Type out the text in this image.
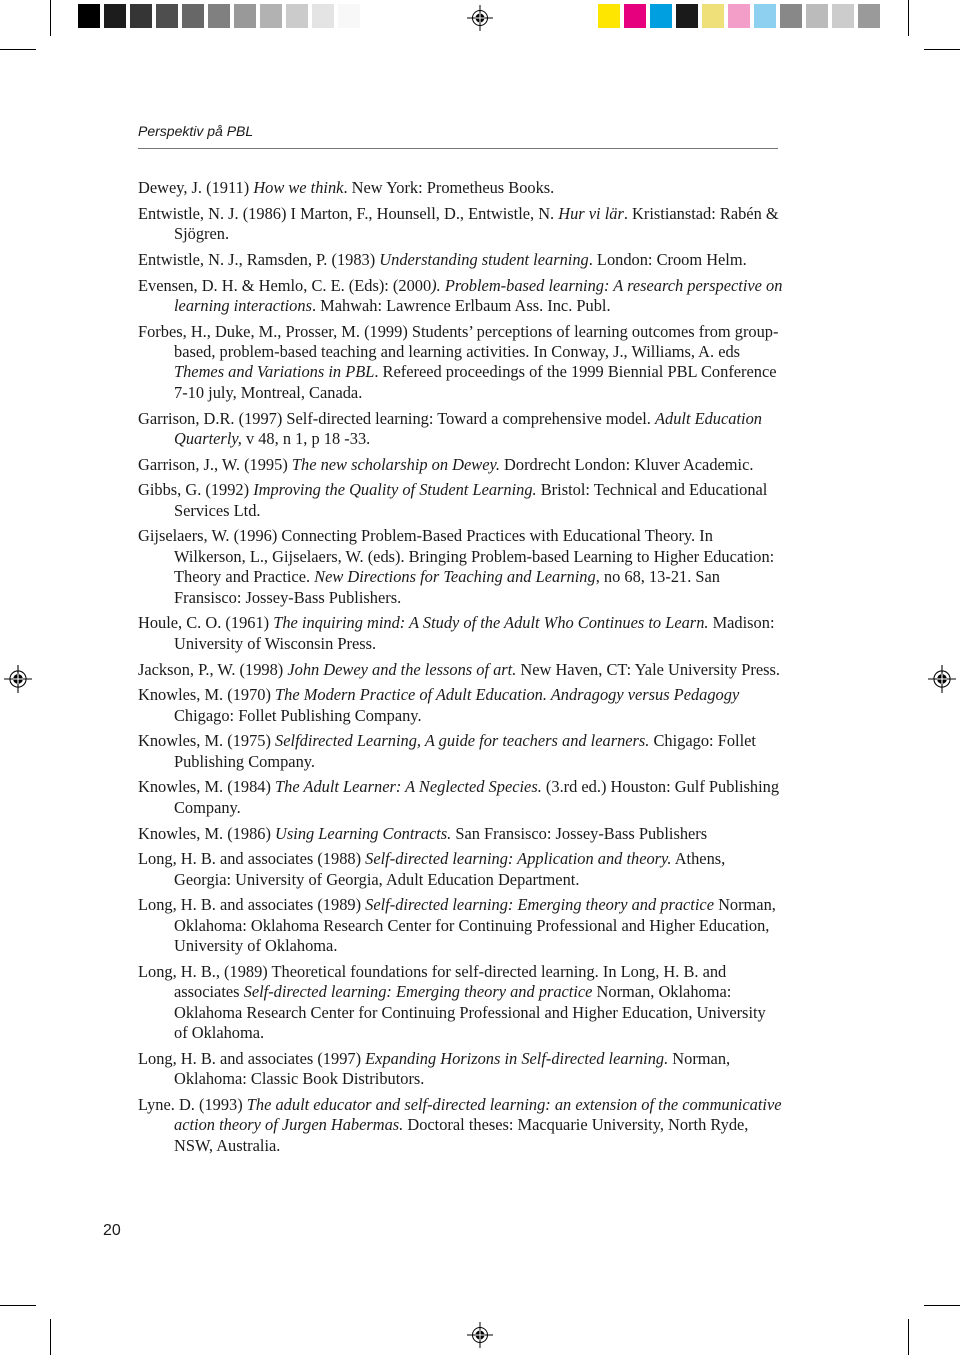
Perspektiv på PBL
Dewey, J. (1911) How we think. New York: Prometheus Books.
Entwistle, N. J. (1986) I Marton, F., Hounsell, D., Entwistle, N. Hur vi lär. Kristianstad: Rabén & Sjögren.
Entwistle, N. J., Ramsden, P. (1983) Understanding student learning. London: Croom Helm.
Evensen, D. H. & Hemlo, C. E. (Eds): (2000). Problem-based learning: A research perspective on learning interactions. Mahwah: Lawrence Erlbaum Ass. Inc. Publ.
Forbes, H., Duke, M., Prosser, M. (1999) Students’ perceptions of learning outcomes from group-based, problem-based teaching and learning activities. In Conway, J., Williams, A. eds Themes and Variations in PBL. Refereed proceedings of the 1999 Biennial PBL Conference 7-10 july, Montreal, Canada.
Garrison, D.R. (1997) Self-directed learning: Toward a comprehensive model. Adult Education Quarterly, v 48, n 1, p 18 -33.
Garrison, J., W. (1995) The new scholarship on Dewey. Dordrecht London: Kluver Academic.
Gibbs, G. (1992) Improving the Quality of Student Learning. Bristol: Technical and Educational Services Ltd.
Gijselaers, W. (1996) Connecting Problem-Based Practices with Educational Theory. In Wilkerson, L., Gijselaers, W. (eds). Bringing Problem-based Learning to Higher Education: Theory and Practice. New Directions for Teaching and Learning, no 68, 13-21. San Fransisco: Jossey-Bass Publishers.
Houle, C. O. (1961) The inquiring mind: A Study of the Adult Who Continues to Learn. Madison: University of Wisconsin Press.
Jackson, P., W. (1998) John Dewey and the lessons of art. New Haven, CT: Yale University Press.
Knowles, M. (1970) The Modern Practice of Adult Education. Andragogy versus Pedagogy Chigago: Follet Publishing Company.
Knowles, M. (1975) Selfdirected Learning, A guide for teachers and learners. Chigago: Follet Publishing Company.
Knowles, M. (1984) The Adult Learner: A Neglected Species. (3.rd ed.) Houston: Gulf Publishing Company.
Knowles, M. (1986) Using Learning Contracts. San Fransisco: Jossey-Bass Publishers
Long, H. B. and associates (1988) Self-directed learning: Application and theory. Athens, Georgia: University of Georgia, Adult Education Department.
Long, H. B. and associates (1989) Self-directed learning: Emerging theory and practice Norman, Oklahoma: Oklahoma Research Center for Continuing Professional and Higher Education, University of Oklahoma.
Long, H. B., (1989) Theoretical foundations for self-directed learning. In Long, H. B. and associates Self-directed learning: Emerging theory and practice Norman, Oklahoma: Oklahoma Research Center for Continuing Professional and Higher Education, University of Oklahoma.
Long, H. B. and associates (1997) Expanding Horizons in Self-directed learning. Norman, Oklahoma: Classic Book Distributors.
Lyne. D. (1993) The adult educator and self-directed learning: an extension of the communicative action theory of Jurgen Habermas. Doctoral theses: Macquarie University, North Ryde, NSW, Australia.
20
